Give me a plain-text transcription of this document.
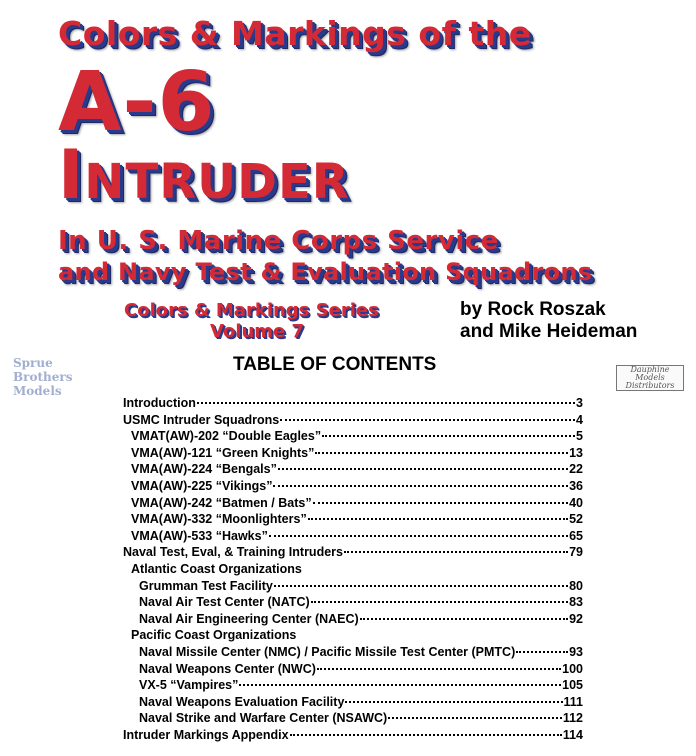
Colors & Markings of the
A-6
Intruder
In U. S. Marine Corps Service
and Navy Test & Evaluation Squadrons
Colors & Markings Series
Volume 7
by Rock Roszak
and Mike Heideman
Sprue
Brothers
Models
Dauphine
Models
Distributors
TABLE OF CONTENTS
Introduction	3
USMC Intruder Squadrons	4
VMAT(AW)-202 “Double Eagles”	5
VMA(AW)-121 “Green Knights”	13
VMA(AW)-224 “Bengals”	22
VMA(AW)-225 “Vikings”	36
VMA(AW)-242 “Batmen / Bats”	40
VMA(AW)-332 “Moonlighters”	52
VMA(AW)-533 “Hawks”	65
Naval Test, Eval, & Training Intruders	79
Atlantic Coast Organizations
Grumman Test Facility	80
Naval Air Test Center (NATC)	83
Naval Air Engineering Center (NAEC)	92
Pacific Coast Organizations
Naval Missile Center (NMC) / Pacific Missile Test Center (PMTC)	93
Naval Weapons Center (NWC)	100
VX-5 “Vampires”	105
Naval Weapons Evaluation Facility	111
Naval Strike and Warfare Center (NSAWC)	112
Intruder Markings Appendix	114
